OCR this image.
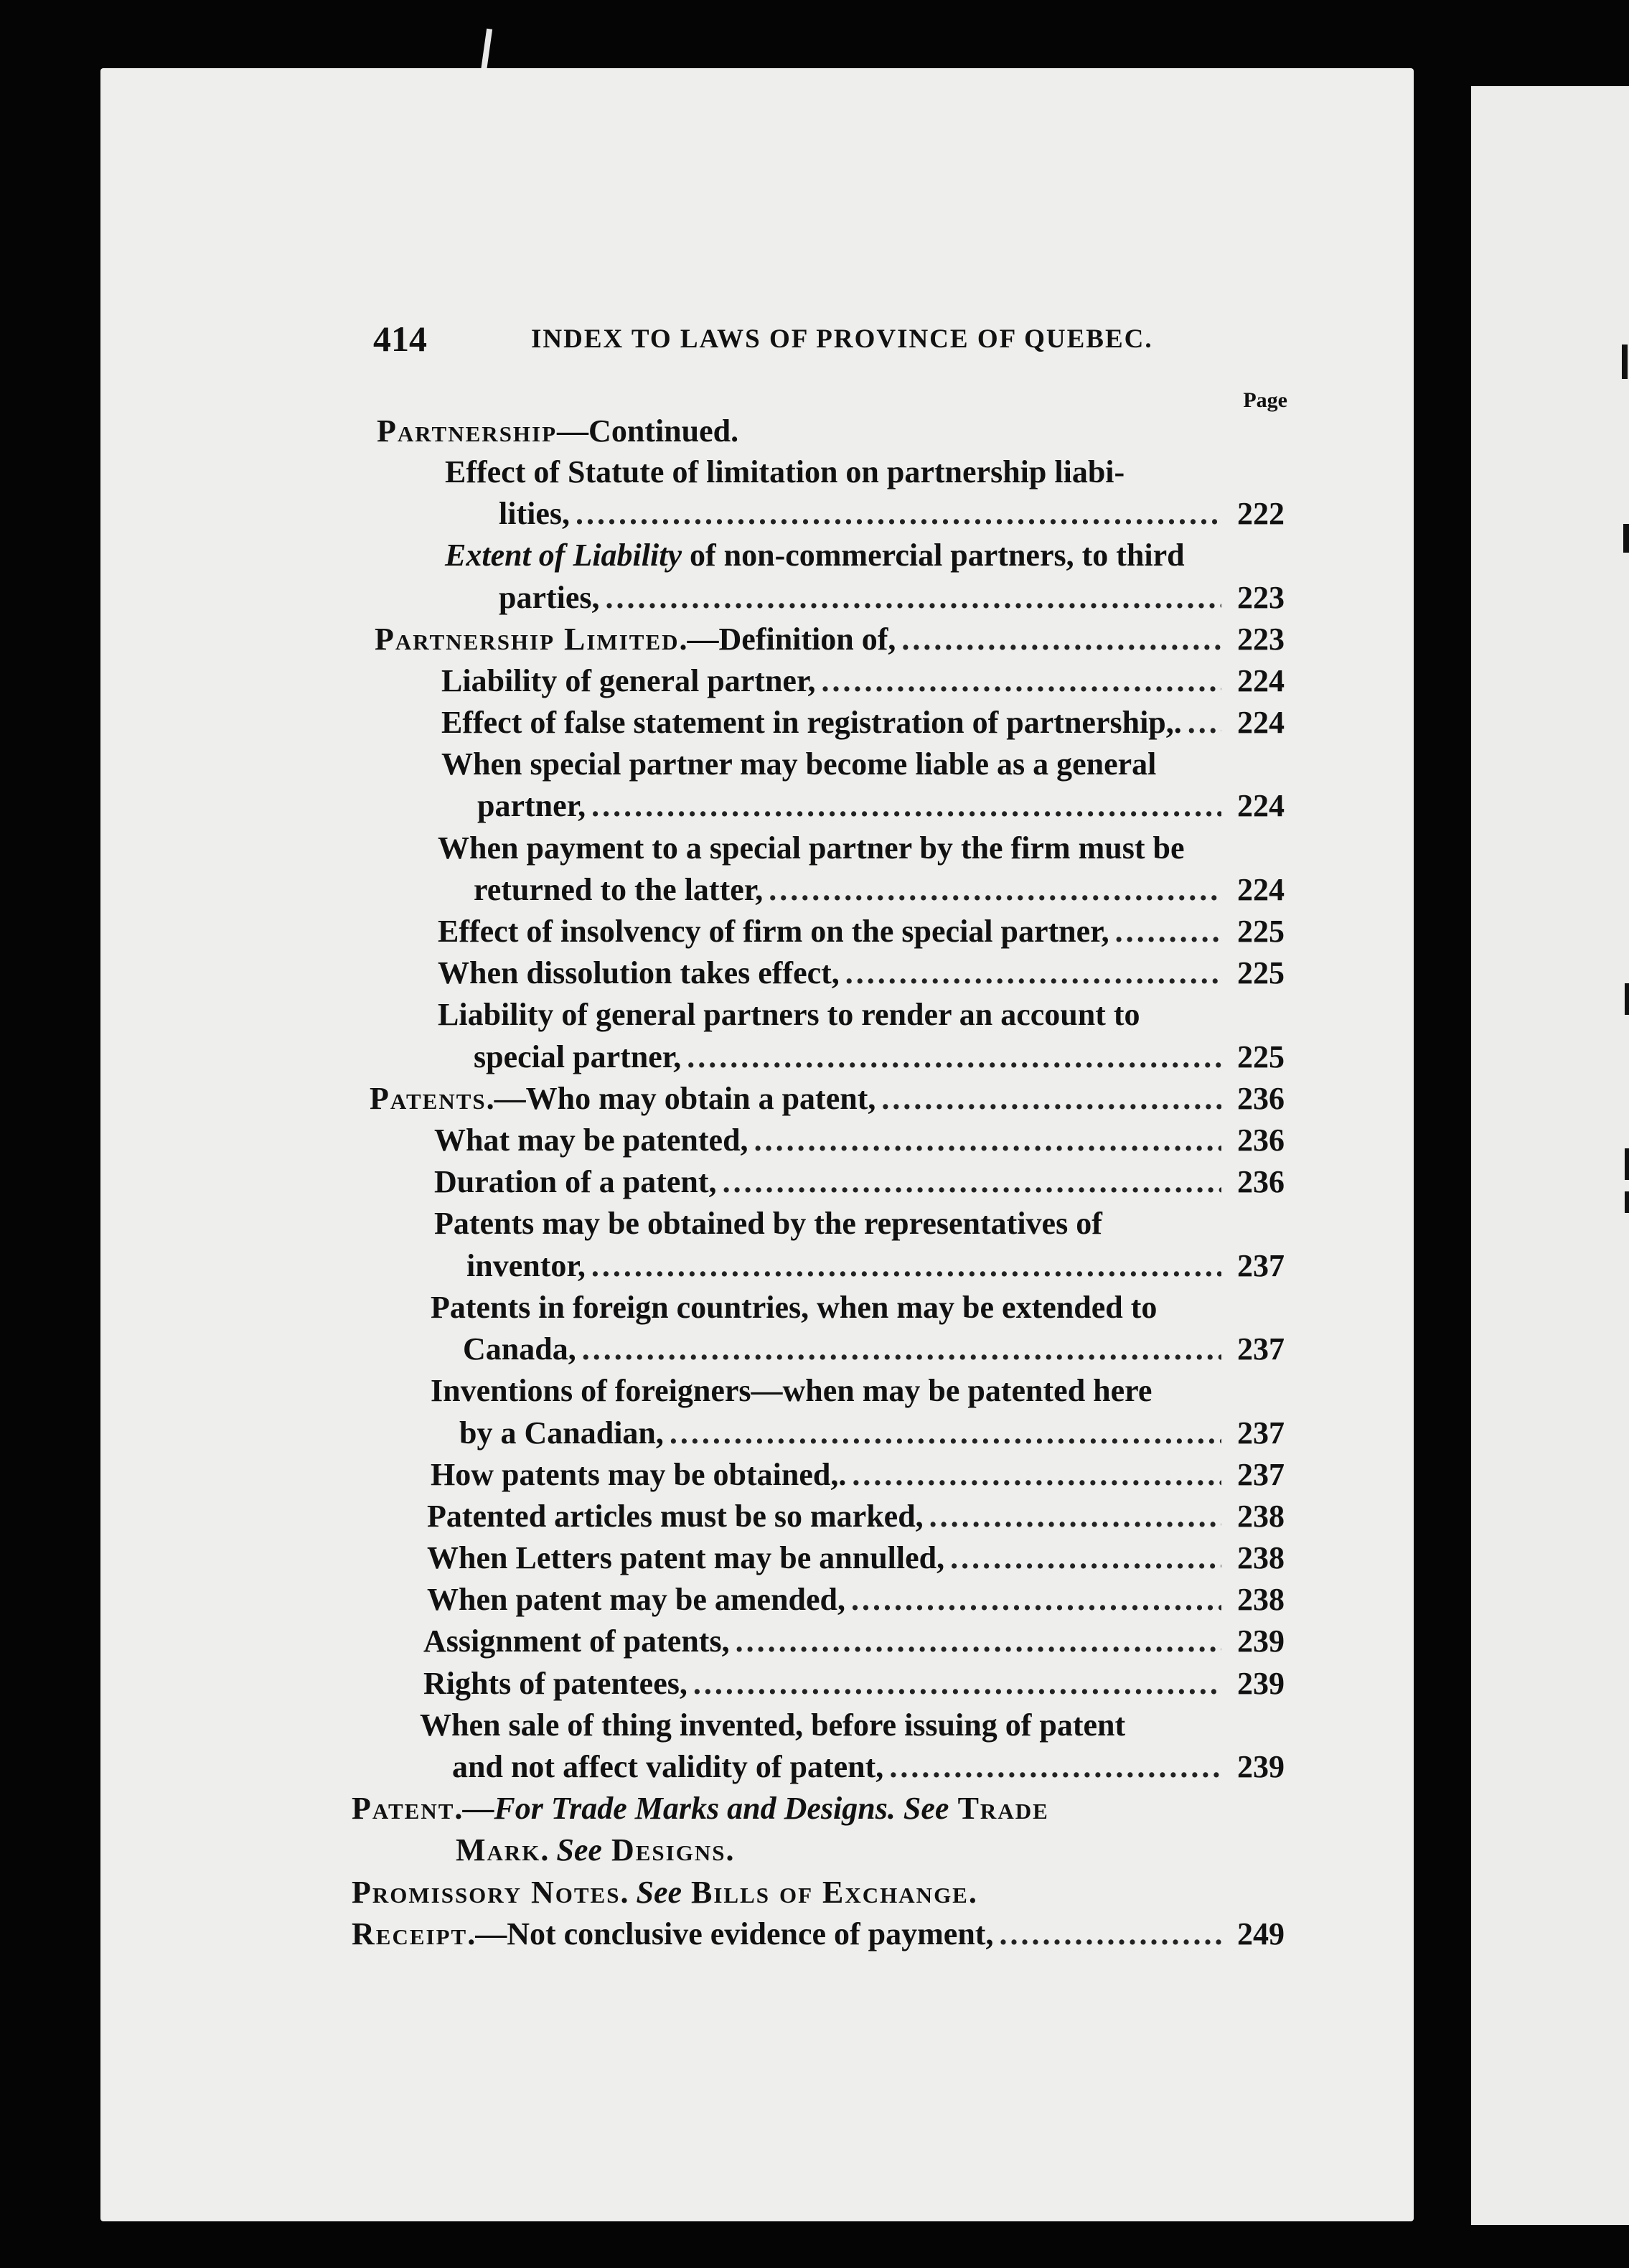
414	INDEX TO LAWS OF PROVINCE OF QUEBEC.
Page
Partnership—Continued.
Effect of Statute of limitation on partnership liabi-
lities, .....	222
Extent of Liability of non-commercial partners, to third
parties, .....	223
Partnership Limited.—Definition of, .....	223
Liability of general partner, .....	224
Effect of false statement in registration of partnership,. .....	224
When special partner may become liable as a general
partner, .....	224
When payment to a special partner by the firm must be
returned to the latter, .....	224
Effect of insolvency of firm on the special partner, .....	225
When dissolution takes effect, .....	225
Liability of general partners to render an account to
special partner, .....	225
Patents.—Who may obtain a patent, .....	236
What may be patented, .....	236
Duration of a patent, .....	236
Patents may be obtained by the representatives of
inventor, .....	237
Patents in foreign countries, when may be extended to
Canada, .....	237
Inventions of foreigners—when may be patented here
by a Canadian, .....	237
How patents may be obtained,. .....	237
Patented articles must be so marked, .....	238
When Letters patent may be annulled, .....	238
When patent may be amended, .....	238
Assignment of patents, .....	239
Rights of patentees, .....	239
When sale of thing invented, before issuing of patent
and not affect validity of patent, .....	239
Patent.—For Trade Marks and Designs. See Trade
Mark. See Designs.
Promissory Notes. See Bills of Exchange.
Receipt.—Not conclusive evidence of payment, .....	249
